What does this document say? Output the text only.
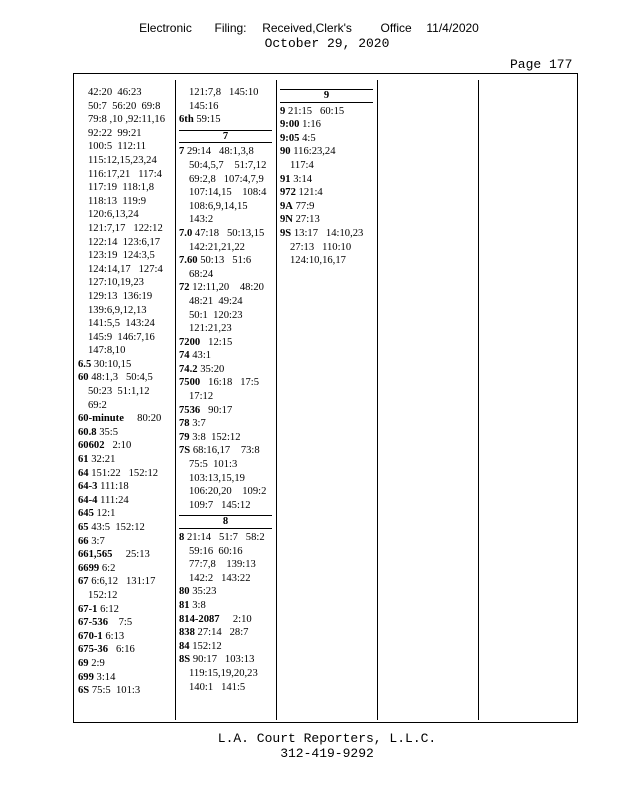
Electronic Filing: Received,Clerk's Office 11/4/2020
October 29, 2020
Page 177
42:20  46:23
50:7  56:20  69:8
79:8 ,10 ,92:11,16
92:22  99:21
100:5  112:11
115:12,15,23,24
116:17,21   117:4
117:19  118:1,8
118:13  119:9
120:6,13,24
121:7,17   122:12
122:14  123:6,17
123:19  124:3,5
124:14,17   127:4
127:10,19,23
129:13  136:19
139:6,9,12,13
141:5,5  143:24
145:9  146:7,16
147:8,10
6.5 30:10,15
60 48:1,3   50:4,5
50:23  51:1,12
69:2
60-minute     80:20
60.8 35:5
60602   2:10
61 32:21
64 151:22   152:12
64-3 111:18
64-4 111:24
645 12:1
65 43:5  152:12
66 3:7
661,565     25:13
6699 6:2
67 6:6,12   131:17
152:12
67-1 6:12
67-536    7:5
670-1 6:13
675-36   6:16
69 2:9
699 3:14
6S 75:5  101:3
121:7,8   145:10
145:16
6th 59:15
7
7 29:14   48:1,3,8
50:4,5,7    51:7,12
69:2,8   107:4,7,9
107:14,15    108:4
108:6,9,14,15
143:2
7.0 47:18   50:13,15
142:21,21,22
7.60 50:13   51:6
68:24
72 12:11,20    48:20
48:21  49:24
50:1  120:23
121:21,23
7200   12:15
74 43:1
74.2 35:20
7500   16:18   17:5
17:12
7536   90:17
78 3:7
79 3:8  152:12
7S 68:16,17    73:8
75:5  101:3
103:13,15,19
106:20,20    109:2
109:7   145:12
8
8 21:14   51:7   58:2
59:16  60:16
77:7,8    139:13
142:2   143:22
80 35:23
81 3:8
814-2087     2:10
838 27:14   28:7
84 152:12
8S 90:17   103:13
119:15,19,20,23
140:1   141:5
9
9 21:15   60:15
9:00 1:16
9:05 4:5
90 116:23,24
117:4
91 3:14
972 121:4
9A 77:9
9N 27:13
9S 13:17   14:10,23
27:13   110:10
124:10,16,17
L.A. Court Reporters, L.L.C.
312-419-9292
